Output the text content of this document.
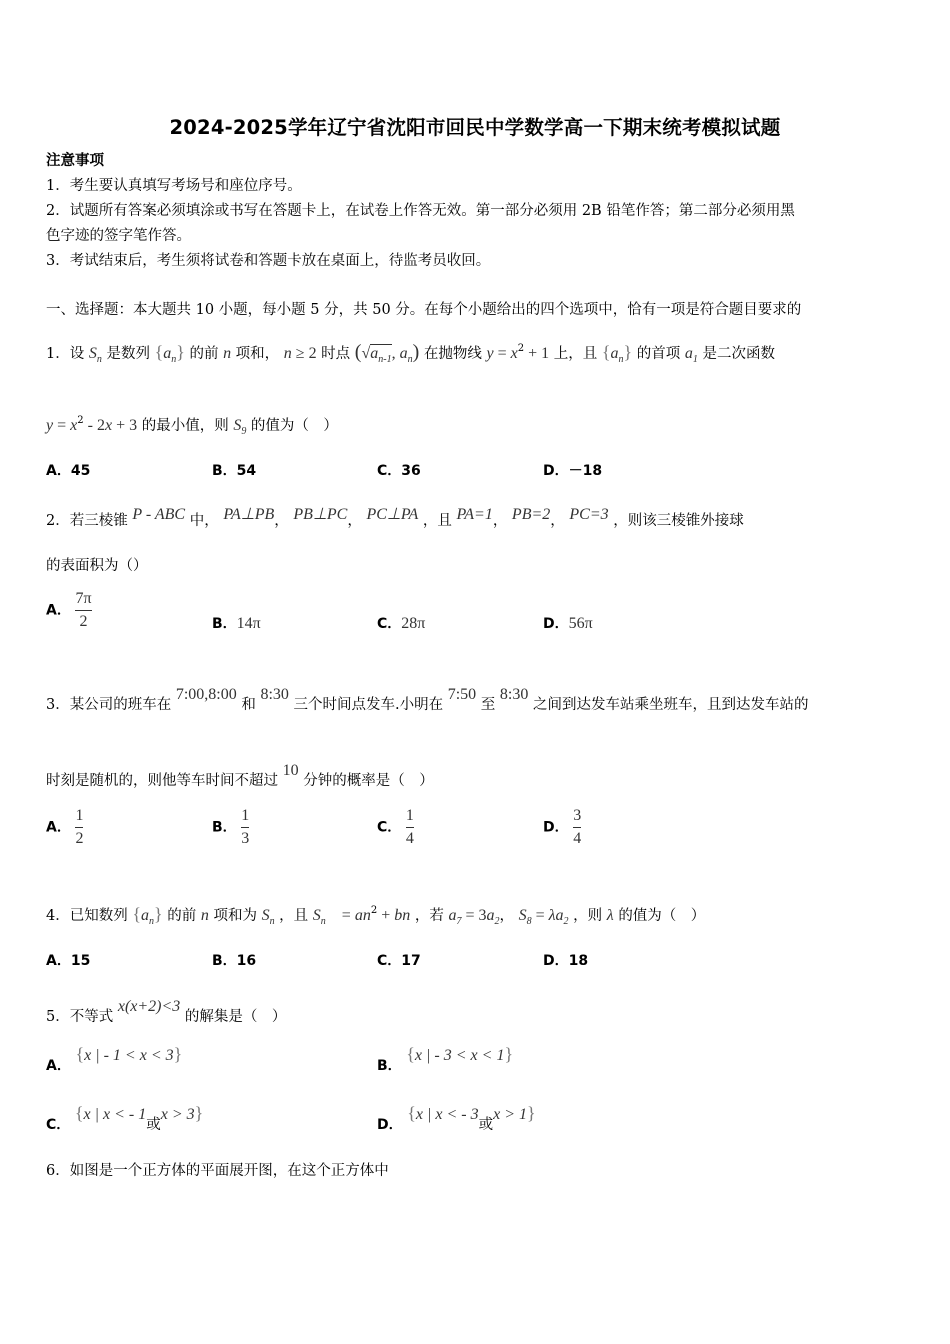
2024-2025学年辽宁省沈阳市回民中学数学高一下期末统考模拟试题
注意事项
1．考生要认真填写考场号和座位序号。
2．试题所有答案必须填涂或书写在答题卡上，在试卷上作答无效。第一部分必须用 2B 铅笔作答；第二部分必须用黑
色字迹的签字笔作答。
3．考试结束后，考生须将试卷和答题卡放在桌面上，待监考员收回。
一、选择题：本大题共 10 小题，每小题 5 分，共 50 分。在每个小题给出的四个选项中，恰有一项是符合题目要求的
1．设 $S_n$ 是数列 $\{a_n\}$ 的前 n 项和， n ≥ 2 时点 ($√a_{n-1}$, $a_n$) 在抛物线 $y = x^2 + 1$ 上，且 $\{a_n\}$ 的首项 $a_1$ 是二次函数
$y = x^2 - 2x + 3$ 的最小值，则 $S_9$ 的值为（　）
A．45	B．54	C．36	D．－18
2．若三棱锥 P - ABC 中， PA⊥PB， PB⊥PC， PC⊥PA ，且 PA=1， PB=2， PC=3 ，则该三棱锥外接球
的表面积为（）
A． $\frac{7\pi}{2}$	B．14π	C．28π	D．56π
3．某公司的班车在 7:00,8:00 和 8:30 三个时间点发车.小明在 7:50 至 8:30 之间到达发车站乘坐班车，且到达发车站的
时刻是随机的，则他等车时间不超过 10 分钟的概率是（　）
A． $\frac{1}{2}$	B． $\frac{1}{3}$	C． $\frac{1}{4}$	D． $\frac{3}{4}$
4．已知数列 $\{a_n\}$ 的前 n 项和为 $S_n$ ，且 $S_n$　= $an^2$ + bn ，若 $a_7 = 3a_2$， $S_8 = \lambda a_2$ ，则 λ 的值为（　）
A．15	B．16	C．17	D．18
5．不等式 x(x+2)<3 的解集是（　）
A． {x | - 1 < x < 3}
B． {x | - 3 < x < 1}
C． {x | x < - 1或x > 3}
D． {x | x < - 3或x > 1}
6．如图是一个正方体的平面展开图，在这个正方体中
